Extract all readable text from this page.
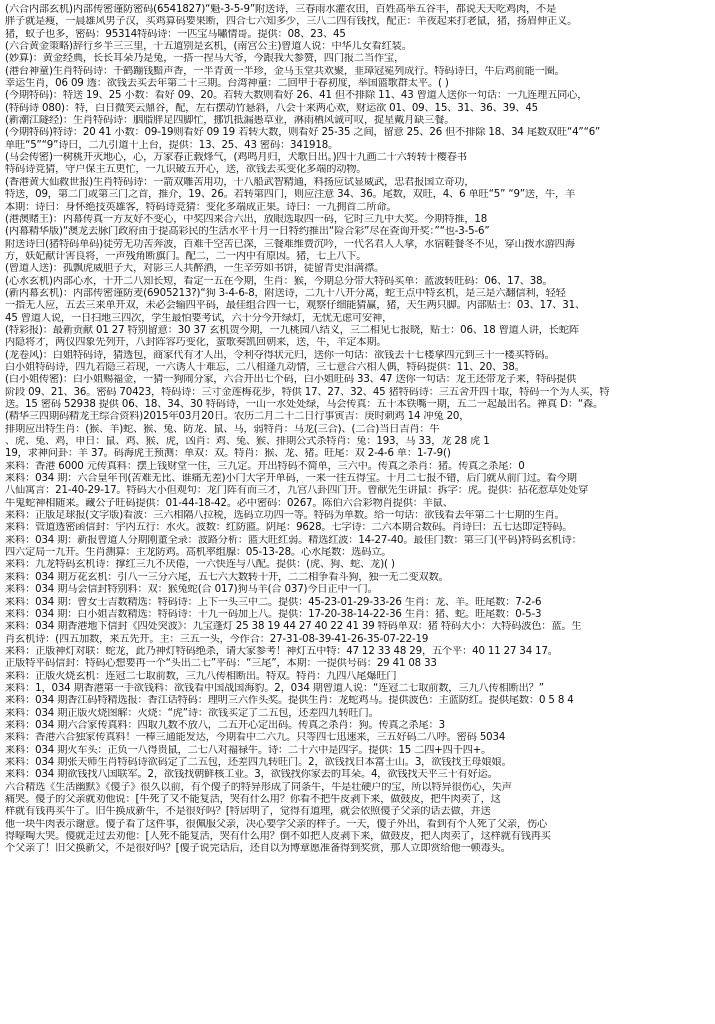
(六合内部玄机)内部传密谨防密码(6541827)“魁-3-5-9”附送诗，三春雨水灌农田，百姓高举五谷丰，都说天天吃鸡肉，不是
胖子就是瘦，一晨雄风男子汉，买鸡算码要果断，四合七六知多少，三八二四有钱找，配正：羊夜起来打老鼠，猪，扬眉伸正义。
猪，蚁子也多，密码：95314特码诗：一匹宝马嘯情哥。提供：08、23、45
(六合黄金策略)辞行乡半三三里，十五道别是玄机，(南宫公主)曾道人说：中华儿女看红装。
(妙算)：黄金经典，长长耳朵乃是兔，一搭一捏马大爷，今跟我大参赞，四门报二当作宝，
(港台神童)生肖特码诗：千鹤蹦钱黯声香，一半青黄一半珍，金马玉堂共欢聚，韭璋冠冕列成行。特码诗曰，牛后鸡前能一圈。
幸运生肖，06 09 透：欲钱去买去年第二十三期。台湾神童：二回甲于春初度，举国篮歌群太平。( )
(今期特码)：特送 19、25 小数：看好 09、20。若转大数则看好 26、41 但不排除 11、43 曾道人送你一句话：一九连理五同心，
(特码诗 080)：特，白日微笑云鼎谷，配，左右摆动竹悬斜，八会十来两心欢，财运欲 01、09、15、31、36、39、45
(新潮江隧经)：生肖特码诗：胭脂胖足四脚忙，挪饥抵漏愚草业，淋雨栖风诚可叹，捉星戴月缺三餐。
(今期特码)特诗：20 41 小数：09-19则看好 09 19 若转大数，则看好 25-35 之间，留意 25、26 但不排除 18、34 尾数双旺“4”“6”
单旺“5”“9”诗曰，二九引道十上台，提供：13、25、43 密码：341918。
(马会传密)一树桃开灭地心，心，万家春正载烽气，(鸡鸣月归，犬歌日出。)四十九画二十六转转十樱春书
特码诗竞猜，守户保主五更忙，一九识破五开心，送，欲钱去买变化多端的动物。
(香港黄大仙救世报)生肖特码诗：一箭双雕苦用功，十八船武智精通，料扬应试显威武，忠君报国立奇功，
特送，09，第二门或第三门之首，推介，19、26。若转第四门，则应注意 34、36。尾数，双旺，4、6 单旺“5” “9”送，牛，羊
本期：诗曰：身怀绝技英雄客，特码诗竞猜：变化多端成正果。诗曰：一九拥首二所命。
(港澳赌王)：内幕传真一方友好不变心，中奖四来合六出，放眼选取四一码，它时三九中大奖。今期特推，18
(内幕精华版)“澳龙去脉门政府由于提高彩民的生活水平十月一日特约推出“险合彩”尽在查询开奖：”“也-3-5-6”
附送诗曰(猪特码单码)徒劳无功苦奔波，百难千空苦已深，三餐难维费沉吟，一代名君人人拿，水宿鞋餐冬不见，穿山拨水游四海
方，妖妃献计害良将，一声残角断旗门。配二，二一内中有原因。猪，七上八下。
(曾道人送)：孤飘虎威胆子大，对影三人共醉酒，一生辛劳如书饼，徒留青史泪满襟。
(心水玄机)内部心水，十开二八知长短，看定一五在今期，生肖：猴，今期总分带大特码买单：蓝波转旺码：06、17、38。
(新内幕玄机)：内部传密谨防麦(6905213?)“狗 3-4-6-8，附送诗，二九十八开分离，蛇王点中特玄机，是三是六翻信利，轻轻
一指无人应，五去三来单开双，未必会输四平码，最佳组合四一七，观察仔细能猜赢，猪，天生两只脚。内部贴士：03、17、31、
45 曾道人说，一日扫地三四次，学生最怕要考试，六十分今开绿灯，无忧无虑可安神，
(特彩报)：最新贡献 01 27 特别留意：30 37 玄机贺今期，一九桃园八结义，三二相见七报晓，贴士：06、18 曾道人讲，长蛇阵
内隐将才，两仪四象先列开，八封阵容巧变化，蛮歌奏凯回朝来，送，牛，羊定本期。
(龙卷风)：白姐特码诗，猜透包，商家代有才人出，令利夺得状元归，送你一句话：欲钱去十七楼拿四元到三十一楼买特码。
白小姐特码诗，四九若隐三若现，一六诱人十难忘，二八相逢九动情，三七意合六相人偶，特码提供：11、20、38。
(白小姐传密)：白小姐赐福金，一猜一狗闹分家，六合开出七个码，白小姐旺码 33、47 送你一句话：龙王还带龙子来，特码提供
阶段 09、21、36。密码 70423，特码诗：三寸金莲梅花步，特供 17、27、32、45 猪特码诗：三五舍开四十取，特码一个为人买，特
送。15 密码 52938 提供 06、18、34、30 特码诗，一山一水处处绿，马会传真：五十本铁嘴一期，五二一起最出名。禅真 D：“森。
(精华三四期码精龙王综合资料)2015年03月20日。农历二月二十二日行事寅吉：庚时刺鸡 14 冲兔 20，
排期应出特生肖：(猴、羊)蛇、猴、兔、防龙、鼠、马，弱特肖：马龙(三合)、(二合)当日吉肖：牛
、虎、兔、鸡，申日：鼠、鸡、猴、虎，凶肖：鸡、兔、猴、排期公式杀特肖：兔：193，马 33，龙 28 虎 1
19，求神问卦：羊 37。码海虎王预测：单双：双。特肖：猴、龙、猪。旺尾：双 2-4-6 单：1-7-9()
来料：香港 6000 元传真料：摆上钱财堂一住，三九定。开出特码不简单，三六中。传真之杀肖：猪。传真之杀尾：0
来料：034 期：六合皇年刊(苦难无比、谁痛无差)小门大字开单码，一来一往五得宝。十月二七报不错，后门就从前门过。看今期
八仙寓言：21-40-29-17。特码大小但观句：龙门阵有而三才，九宫八卦四门开。曾献先生讲鼠：拆字：虎。提供：拈花惹草处处穿
牛鬼蛇神相随来。藏公子旺码提供：01-44-18-42。必中密码：0267。陈伯六合彩物肖提供：羊鼠、
来料：正版足球报(文字版)看波：三六相隔八拉税，选码立功四一等。特码为单数。给一句话：欲钱看去年第二十七期的生肖。
来料：管道透密函信封：宇内五行：水火。波数：红防篮。阴尾：9628。七字诗：二六本期合数码。肖诗曰：五七达即定特码。
来料：034 期：新报曾道人分期刚董全录：波路分析：篮大旺红弱。精选红波：14-27-40。最佳门数：第三门(平码)特码玄机诗：
四六定局一九开。生肖测算：主龙防鸡。高机率组腺：05-13-28。心水尾数：选码立。
来料：九龙特码玄机诗：撑红三九不厌倦，一六快连与八配。提供：(虎、狗、蛇、龙)( )
来料：034 期万花玄机：引八一三分六尾，五七六大数转十开，二二相争看斗狗，独一无二变双数。
来料：034 期马会信封特别料：双：猴兔蛇(合 017)狗马羊(合 037)今日正中一门。
来料：034 期：曾女士吉数精选：特码诗：上下一头三中二。提供：45-23-01-29-33-26 生肖：龙、羊。旺尾数：7-2-6
来料：034 期：白小姐吉数精选：特码诗：十九一码加上八。提供：17-20-38-14-22-36 生肖：猪、蛇。旺尾数：0-5-3
来料：034 期香港地下信封《四处突波》：九宝蓬灯 25 38 19 44 27 40 22 41 39 特码单双：猪 特码大小：大特码波色：蓝。生
肖玄机诗：(四五加数，来五先开。主：三五一头，今作合：27-31-08-39-41-26-35-07-22-19
来料：正版神灯对联：蛇龙，此乃神灯特码绝杀，请大家参考！神灯五中特：47 12 33 48 29，五个平：40 11 27 34 17。
正版特平码信封：特码心想要再一个“头出二七”平码：“三尾”，本期：一提供号码：29 41 08 33
来料：正版火烧玄机：连冠二七取前数，三九八传相断出。特双。特肖：九四八尾爆旺门
来料：1，034 期香港第一手欲钱料：欲钱看中国战国海豹。2，034 期曾道人说：“连冠二七取前数，三九八传相断出？”
来料：034 期香江码特精选报：香江话特码：理明三六作头奖。提供生肖：龙蛇鸡马。提供波色：主蓝防红。提供尾数：0 5 8 4
来料：034 期正版火烧图解：火烧：“虎”诗：欲钱买定了二五包，还差四九转旺门。
来料：034 期六合家传真料：四取九数不放八，二五开心定出码。传真之杀肖：狗。传真之杀尾：3
来料：香港六合独家传真料！一棒三通能发达，今期看中二六九。只等四七迅速来，三五好码二八呼。密码 5034
来料：034 期火车头：正负一八得贵鼠，二七八对福禄牛。诗：二十六中是四字。提供：15 二四+四千四+。
来料：034 期张天师生肖特码诗欲码定了二五包，还差四九转旺门。2，欲钱找日本富士山。3，欲钱找王母娘娘。
来料：034 期欲钱找八国联军。2，欲钱找朝鲜核工业。3，欲钱找你家去的耳朵。4，欲钱找天平三十有好运。
六合精选《生活幽默》《傻子》很久以前，有个傻子的特异形成了同条牛，牛是壮硬户的宝，所以特异很伤心，失声
痛哭。傻子的父亲就劝他说：[牛死了又不能复活，哭有什么用？你看不把牛皮剥下来，做鼓皮，把牛肉卖了，这
样就有钱再买牛了。旧牛换成新牛，不是很好吗？[特居明了，觉得有道理，就会依照傻子父亲的话去做，并送
他一块牛肉表示谢意。傻子看了这件事，很佩服父亲，决心要学父亲的样子。一天，傻子外出，看到有个人死了父亲，伤心
得嚎啕大哭。傻就走过去劝他：[人死不能复活，哭有什么用？倒不如把人皮剥下来，做鼓皮，把人肉卖了，这样就有钱再买
个父亲了！旧父换新父，不是很好吗？[傻子说完话后，还自以为博章愿准备得到奖赏，那人立即赏给他一顿毒头。
